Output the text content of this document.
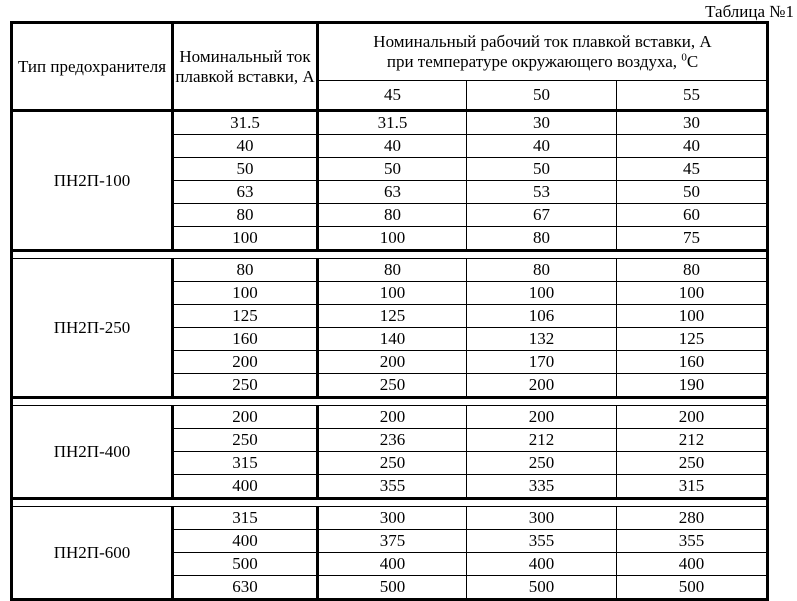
Таблица №1
Тип предохранителя	Номинальный ток плавкой вставки, А	Номинальный рабочий ток плавкой вставки, А
при температуре окружающего воздуха, $^0$C		
		45	50	55
ПН2П-100	31.5	31.5	30	30
	40	40	40	40
	50	50	50	45
	63	63	53	50
	80	80	67	60
	100	100	80	75

ПН2П-250	80	80	80	80
	100	100	100	100
	125	125	106	100
	160	140	132	125
	200	200	170	160
	250	250	200	190

ПН2П-400	200	200	200	200
	250	236	212	212
	315	250	250	250
	400	355	335	315

ПН2П-600	315	300	300	280
	400	375	355	355
	500	400	400	400
	630	500	500	500
